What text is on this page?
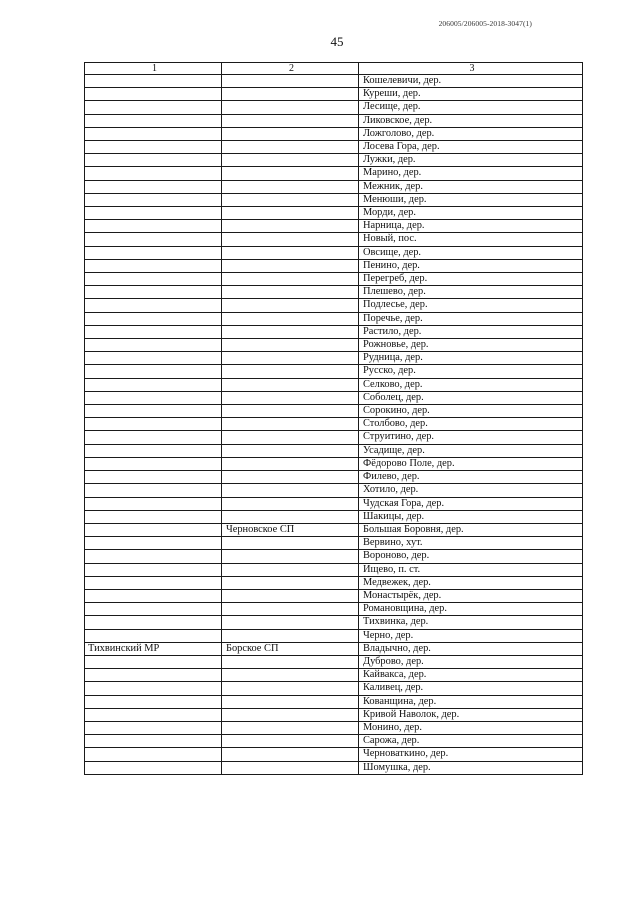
206005/206005-2018-3047(1)
45
1	2	3
		Кошелевичи, дер.
		Куреши, дер.
		Лесище, дер.
		Ликовское, дер.
		Ложголово, дер.
		Лосева Гора, дер.
		Лужки, дер.
		Марино, дер.
		Межник, дер.
		Менюши, дер.
		Морди, дер.
		Нарница, дер.
		Новый, пос.
		Овсище, дер.
		Пенино, дер.
		Перегреб, дер.
		Плешево, дер.
		Подлесье, дер.
		Поречье, дер.
		Растило, дер.
		Рожновье, дер.
		Рудница, дер.
		Русско, дер.
		Селково, дер.
		Соболец, дер.
		Сорокино, дер.
		Столбово, дер.
		Струитино, дер.
		Усадище, дер.
		Фёдорово Поле, дер.
		Филево, дер.
		Хотило, дер.
		Чудская Гора, дер.
		Шакицы, дер.
	Черновское СП	Большая Боровня, дер.
		Вервино, хут.
		Вороново, дер.
		Ищево, п. ст.
		Медвежек, дер.
		Монастырёк, дер.
		Романовщина, дер.
		Тихвинка, дер.
		Черно, дер.
Тихвинский МР	Борское СП	Владычно, дер.
		Дуброво, дер.
		Кайвакса, дер.
		Каливец, дер.
		Кованщина, дер.
		Кривой Наволок, дер.
		Монино, дер.
		Сарожа, дер.
		Черноваткино, дер.
		Шомушка, дер.
